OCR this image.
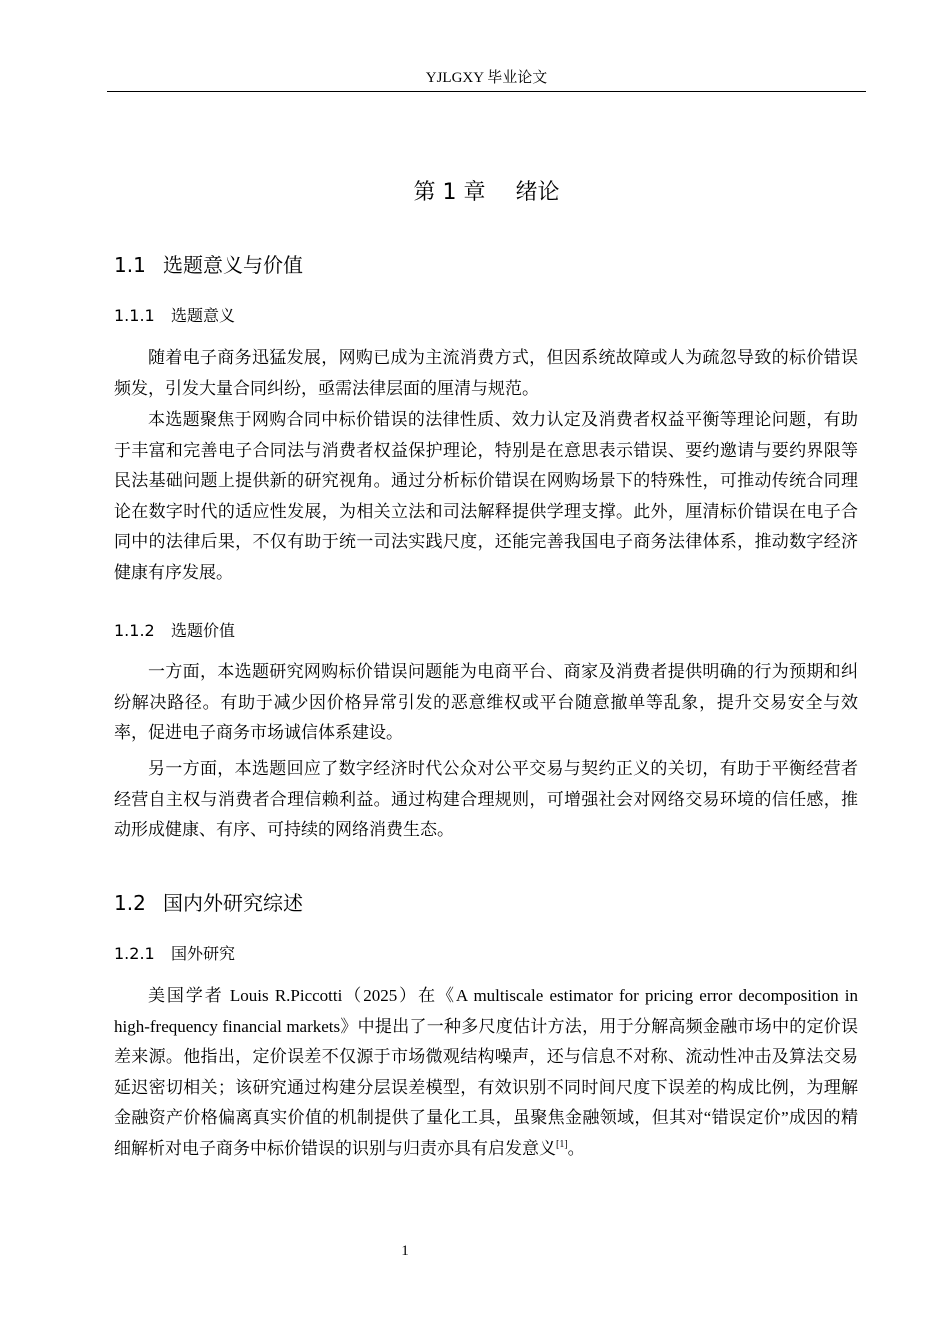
YJLGXY 毕业论文
第 1 章 绪论
1.1 选题意义与价值
1.1.1 选题意义

随着电子商务迅猛发展，网购已成为主流消费方式，但因系统故障或人为疏忽导致的标价错误频发，引发大量合同纠纷，亟需法律层面的厘清与规范。

本选题聚焦于网购合同中标价错误的法律性质、效力认定及消费者权益平衡等理论问题，有助于丰富和完善电子合同法与消费者权益保护理论，特别是在意思表示错误、要约邀请与要约界限等民法基础问题上提供新的研究视角。通过分析标价错误在网购场景下的特殊性，可推动传统合同理论在数字时代的适应性发展，为相关立法和司法解释提供学理支撑。此外，厘清标价错误在电子合同中的法律后果，不仅有助于统一司法实践尺度，还能完善我国电子商务法律体系，推动数字经济健康有序发展。

1.1.2 选题价值

一方面，本选题研究网购标价错误问题能为电商平台、商家及消费者提供明确的行为预期和纠纷解决路径。有助于减少因价格异常引发的恶意维权或平台随意撤单等乱象，提升交易安全与效率，促进电子商务市场诚信体系建设。

另一方面，本选题回应了数字经济时代公众对公平交易与契约正义的关切，有助于平衡经营者经营自主权与消费者合理信赖利益。通过构建合理规则，可增强社会对网络交易环境的信任感，推动形成健康、有序、可持续的网络消费生态。

1.2 国内外研究综述
1.2.1 国外研究

美国学者 Louis R.Piccotti（2025）在《A multiscale estimator for pricing error decomposition in high-frequency financial markets》中提出了一种多尺度估计方法，用于分解高频金融市场中的定价误差来源。他指出，定价误差不仅源于市场微观结构噪声，还与信息不对称、流动性冲击及算法交易延迟密切相关；该研究通过构建分层误差模型，有效识别不同时间尺度下误差的构成比例，为理解金融资产价格偏离真实价值的机制提供了量化工具，虽聚焦金融领域，但其对“错误定价”成因的精细解析对电子商务中标价错误的识别与归责亦具有启发意义[1]。

1
